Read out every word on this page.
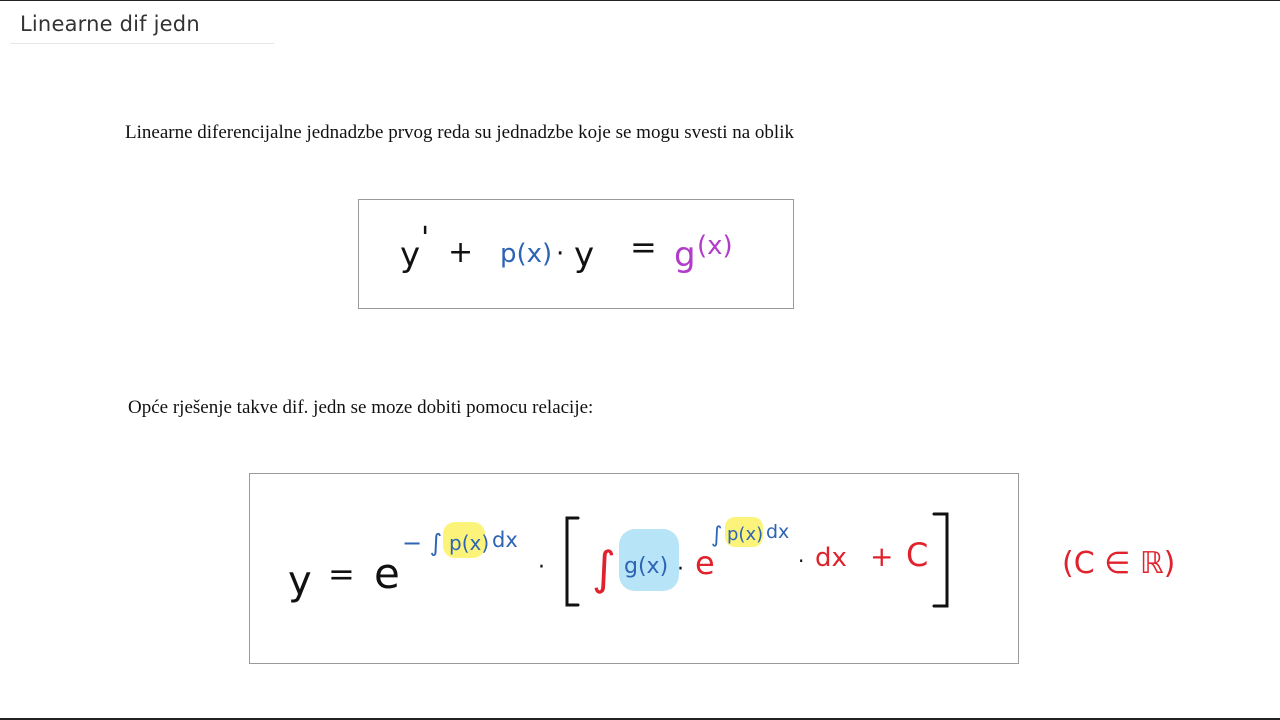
Linearne dif jedn
Linearne diferencijalne jednadzbe prvog reda su jednadzbe koje se mogu svesti na oblik
y ' + p(x) · y = g (x)
Opće rješenje takve dif. jedn se moze dobiti pomocu relacije:
y = e
− ∫ p(x) dx
· ∫ g(x) · e
∫ p(x) dx
· dx + C	(C ∈ ℝ)
